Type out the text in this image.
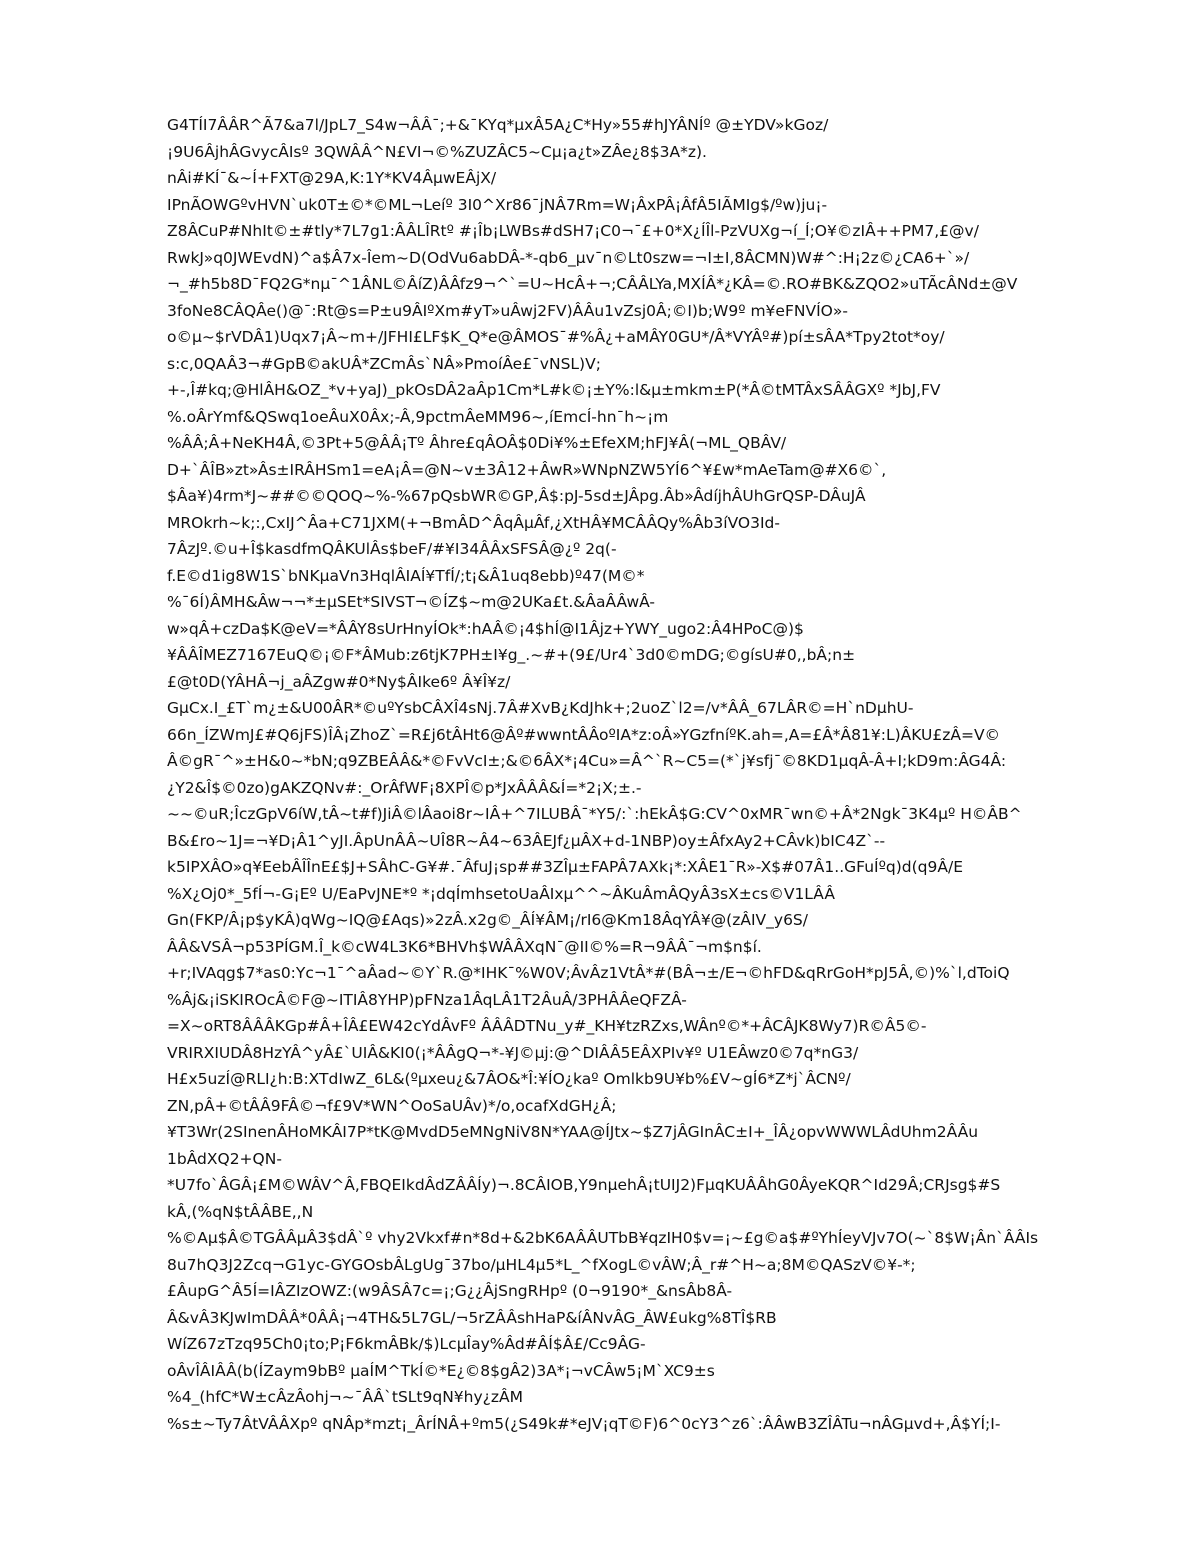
G4TÍI7ÂÂR^Ã7&a7l/JpL7_S4w¬ÂÂ¯;+&¯KYq*µxÂ5A¿C*Hy»55#hJYÂNÍº @±YDV»kGoz/
¡9U6ÂjhÂGvycÂIsº 3QWÂÂ^N£VI¬©%ZUZÂC5~Cµ¡a¿t»ZÂe¿8$3A*z).
nÂi#KÍ¯&~Í+FXT@29A,K:1Y*KV4ÂµwEÂjX/
IPnÃOWGºvHVN`uk0T±©*©ML¬Leíº 3I0^Xr86¯jNÂ7Rm=W¡ÂxPÂ¡ÂfÂ5IÃMIg$/ºw)ju¡-
Z8ÂCuP#NhIt©±#tly*7L7g1:ÂÂLÎRtº #¡Îb¡LWBs#dSH7¡C0¬¯£+0*X¿ÍÎl-PzVUXg¬í_Í;O¥©zIÂ++PM7,£@v/
RwkJ»q0JWEvdN)^a$Â7x-Îem~D(OdVu6abDÂ-*-qb6_µv¯n©Lt0szw=¬I±I,8ÂCMN)W#^:H¡2z©¿CA6+`»/
¬_#h5b8D¯FQ2G*nµ¯^1ÂNL©ÂíZ)ÂÂfz9¬^`=U~HcÂ+¬;CÂÂLYa,MXÍÂ*¿KÂ=©.RO#BK&ZQO2»uTÃcÂNd±@V
3foNe8CÂQÂe()@¯:Rt@s=P±u9ÂIºXm#yT»uÂwj2FV)ÂÂu1vZsj0Â;©I)b;W9º m¥eFNVÍO»-
o©µ~$rVDÂ1)Uqx7¡Â~m+/JFHI£LF$K_Q*e@ÂMOS¯#%Â¿+aMÂY0GU*/Â*VYÂº#)pí±sÂA*Tpy2tot*oy/
s:c,0QAÂ3¬#GpB©akUÂ*ZCmÂs`NÂ»PmoíÂe£¯vNSL)V;
+-,Î#kq;@HlÂH&OZ_*v+yaJ)_pkOsDÂ2aÂp1Cm*L#k©¡±Y%:l&µ±mkm±P(*Â©tMTÂxSÂÂGXº *JbJ,FV
%.oÂrYmf&QSwq1oeÂuX0Âx;-Â,9pctmÂeMM96~,íEmcÍ-hn¯h~¡m
%ÂÂ;Â+NeKH4Â,©3Pt+5@ÂÂ¡Tº Âhre£qÂOÂ$0Di¥%±EfeXM;hFJ¥Â(¬ML_QBÂV/
D+`ÂÎB»zt»Âs±IRÂHSm1=eA¡Â=@N~v±3Â12+ÂwR»WNpNZW5YÍ6^¥£w*mAeTam@#X6©`,
$Âa¥)4rm*J~##©©QOQ~%-%67pQsbWR©GP,Â$:pJ-5sd±JÂpg.Âb»ÂdíjhÂUhGrQSP-DÂuJÂ
MROkrh~k;:,CxIJ^Âa+C71JXM(+¬BmÂD^ÂqÂµÂf,¿XtHÂ¥MCÂÂQy%Âb3íVO3Id-
7ÂzJº.©u+Î$kasdfmQÂKUlÂs$beF/#¥I34ÂÂxSFSÂ@¿º 2q(-
f.E©d1ig8W1S`bNKµaVn3HqlÂIAÍ¥TfÍ/;t¡&Â1uq8ebb)º47(M©*
%¯6Í)ÂMH&Âw¬¬*±µSEt*SIVST¬©ÍZ$~m@2UKa£t.&ÂaÂÂwÂ-
w»qÂ+czDa$K@eV=*ÂÂY8sUrHnyÍOk*:hAÂ©¡4$hÍ@I1Âjz+YWY_ugo2:Â4HPoC@)$
¥ÂÂÎMEZ7167EuQ©¡©F*ÂMub:z6tjK7PH±I¥g_.~#+(9£/Ur4`3d0©mDG;©gísU#0,,bÂ;n±
£@t0D(YÂHÂ¬j_aÂZgw#0*Ny$ÂIke6º Â¥Î¥z/
GµCx.I_£T`m¿±&U00ÂR*©uºYsbCÂXÎ4sNj.7Â#XvB¿KdJhk+;2uoZ`l2=/v*ÂÂ_67LÂR©=H`nDµhU-
66n_ÍZWmJ£#Q6jFS)ÎÂ¡ZhoZ`=R£j6tÂHt6@Âº#wwntÂÂoºIA*z:oÂ»YGzfníºK.ah=,A=£Â*Â81¥:L)ÂKU£zÂ=V©
Â©gR¯^»±H&0~*bN;q9ZBEÂÂ&*©FvVcI±;&©6ÂX*¡4Cu»=Â^`R~C5=(*`j¥sfj¯©8KD1µqÂ-Â+I;kD9m:ÂG4Â:
¿Y2&Î$©0zo)gAKZQNv#:_OrÂfWF¡8XPÎ©p*JxÂÂÂ&Í=*2¡X;±.-
~~©uR;ÎczGpV6íW,tÂ~t#f)JiÂ©lÂaoi8r~IÂ+^7ILUBÂ¯*Y5/:`:hEkÂ$G:CV^0xMR¯wn©+Â*2Ngk¯3K4µº H©ÂB^
B&£ro~1J=¬¥D¡Â1^yJI.ÂpUnÂÂ~UÎ8R~Â4~63ÂEJf¿µÂX+d-1NBP)oy±ÂfxAy2+CÂvk)bIC4Z`--
k5IPXÂO»q¥EebÂÎÎnE£$J+SÂhC-G¥#.¯ÂfuJ¡sp##3ZÎµ±FAPÂ7AXk¡*:XÂE1¯R»-X$#07Â1..GFuÍºq)d(q9Â/E
%X¿Oj0*_5fÍ¬-G¡Eº U/EaPvJNE*º *¡dqÍmhsetoUaÂIxµ^^~ÂKuÂmÂQyÂ3sX±cs©V1LÂÂ
Gn(FKP/Â¡p$yKÂ)qWg~IQ@£Aqs)»2zÂ.x2g©_ÂÍ¥ÂM¡/rI6@Km18ÂqYÂ¥@(zÂIV_y6S/
ÂÂ&VSÂ¬p53PÍGM.Î_k©cW4L3K6*BHVh$WÂÂXqN¯@II©%=R¬9ÂÂ¯¬m$n$í.
+r;IVAqg$7*as0:Yc¬1¯^aÂad~©Y`R.@*IHK¯%W0V;ÂvÂz1VtÂ*#(BÂ¬±/E¬©hFD&qRrGoH*pJ5Â,©)%`l,dToiQ
%Âj&¡iSKIROcÂ©F@~ITIÂ8YHP)pFNza1ÂqLÂ1T2ÂuÂ/3PHÂÂeQFZÂ-
=X~oRT8ÂÂÂKGp#Â+ÎÂ£EW42cYdÂvFº ÂÂÂDTNu_y#_KH¥tzRZxs,WÂnº©*+ÂCÂJK8Wy7)R©Â5©-
VRIRXIUDÂ8HzYÂ^yÂ£`UIÂ&KI0(¡*ÂÂgQ¬*-¥J©µj:@^DIÂÂ5EÂXPIv¥º U1EÂwz0©7q*nG3/
H£x5uzÍ@RLI¿h:B:XTdIwZ_6L&(ºµxeu¿&7ÂO&*Î:¥ÍO¿kaº Omlkb9U¥b%£V~gÍ6*Z*j`ÂCNº/
ZN,pÂ+©tÂÂ9FÂ©¬f£9V*WN^OoSaUÂv)*/o,ocafXdGH¿Â;
¥T3Wr(2SInenÂHoMKÂI7P*tK@MvdD5eMNgNiV8N*YAA@ÍJtx~$Z7jÂGInÂC±I+_ÎÂ¿opvWWWLÂdUhm2ÂÂu
1bÂdXQ2+QN-
*U7fo`ÂGÂ¡£M©WÂV^Â,FBQEIkdÂdZÂÂÍy)¬.8CÂIOB,Y9nµehÂ¡tUIJ2)FµqKUÂÂhG0ÂyeKQR^Id29Â;CRJsg$#S
kÂ,(%qN$tÂÂBE,,N
%©Aµ$Â©TGÂÂµÂ3$dÂ`º vhy2Vkxf#n*8d+&2bK6AÂÂUTbB¥qzIH0$v=¡~£g©a$#ºYhÍeyVJv7O(~`8$W¡Ân`ÂÂIs
8u7hQ3J2Zcq¬G1yc-GYGOsbÂLgUg¯37bo/µHL4µ5*L_^fXogL©vÂW;Â_r#^H~a;8M©QASzV©¥-*;
£ÂupG^Â5Í=IÂZIzOWZ:(w9ÂSÂ7c=¡;G¿¿ÂjSngRHpº (0¬9190*_&nsÂb8Â-
Â&vÂ3KJwImDÂÂ*0ÂÂ¡¬4TH&5L7GL/¬5rZÂÂshHaP&íÂNvÂG_ÂW£ukg%8TÎ$RB
WíZ67zTzq95Ch0¡to;P¡F6kmÂBk/$)LcµÎay%Âd#ÂÍ$Â£/Cc9ÂG-
oÂvÎÂIÂÂ(b(ÍZaym9bBº µaÍM^TkÍ©*E¿©8$gÂ2)3A*¡¬vCÂw5¡M`XC9±s
%4_(hfC*W±cÂzÂohj¬~¯ÂÂ`tSLt9qN¥hy¿zÂM
%s±~Ty7ÂtVÂÂXpº qNÂp*mzt¡_ÂrÍNÂ+ºm5(¿S49k#*eJV¡qT©F)6^0cY3^z6`:ÂÂwB3ZÎÂTu¬nÂGµvd+,Â$YÍ;I-
